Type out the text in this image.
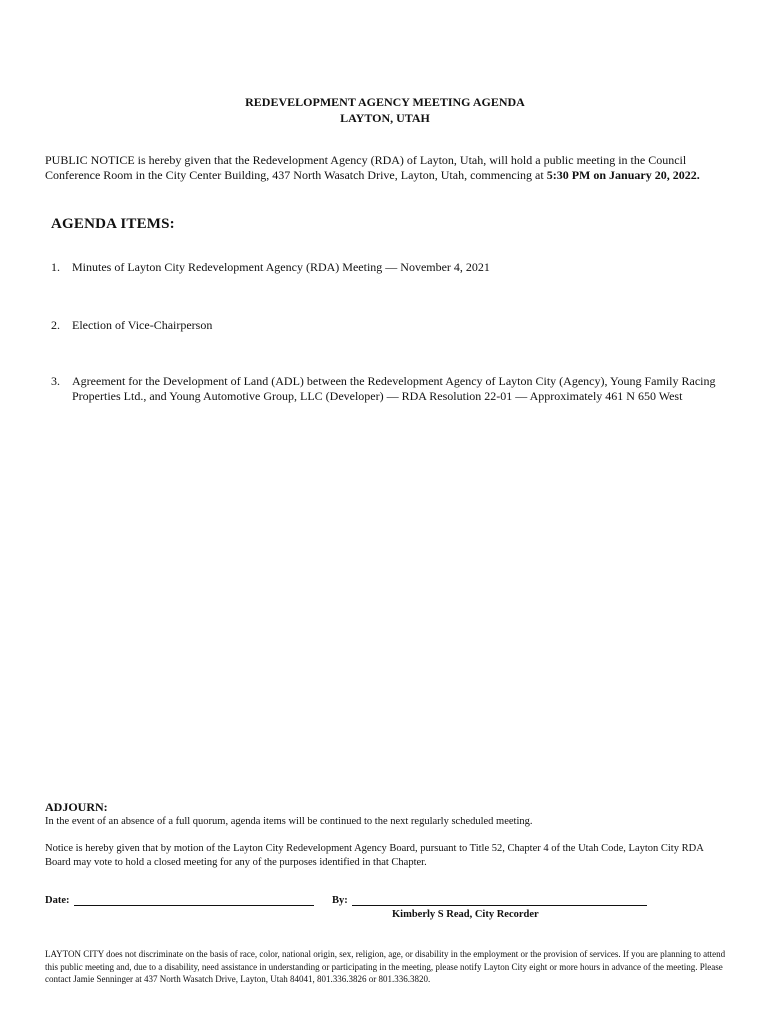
REDEVELOPMENT AGENCY MEETING AGENDA
LAYTON, UTAH
PUBLIC NOTICE is hereby given that the Redevelopment Agency (RDA) of Layton, Utah, will hold a public meeting in the Council Conference Room in the City Center Building, 437 North Wasatch Drive, Layton, Utah, commencing at 5:30 PM on January 20, 2022.
AGENDA ITEMS:
1.	Minutes of Layton City Redevelopment Agency (RDA) Meeting — November 4, 2021
2.	Election of Vice-Chairperson
3.	Agreement for the Development of Land (ADL) between the Redevelopment Agency of Layton City (Agency), Young Family Racing Properties Ltd., and Young Automotive Group, LLC (Developer) — RDA Resolution 22-01 — Approximately 461 N 650 West
ADJOURN:
In the event of an absence of a full quorum, agenda items will be continued to the next regularly scheduled meeting.
Notice is hereby given that by motion of the Layton City Redevelopment Agency Board, pursuant to Title 52, Chapter 4 of the Utah Code, Layton City RDA Board may vote to hold a closed meeting for any of the purposes identified in that Chapter.
Date:	By:
Kimberly S Read, City Recorder
LAYTON CITY does not discriminate on the basis of race, color, national origin, sex, religion, age, or disability in the employment or the provision of services. If you are planning to attend this public meeting and, due to a disability, need assistance in understanding or participating in the meeting, please notify Layton City eight or more hours in advance of the meeting. Please contact Jamie Senninger at 437 North Wasatch Drive, Layton, Utah 84041, 801.336.3826 or 801.336.3820.
